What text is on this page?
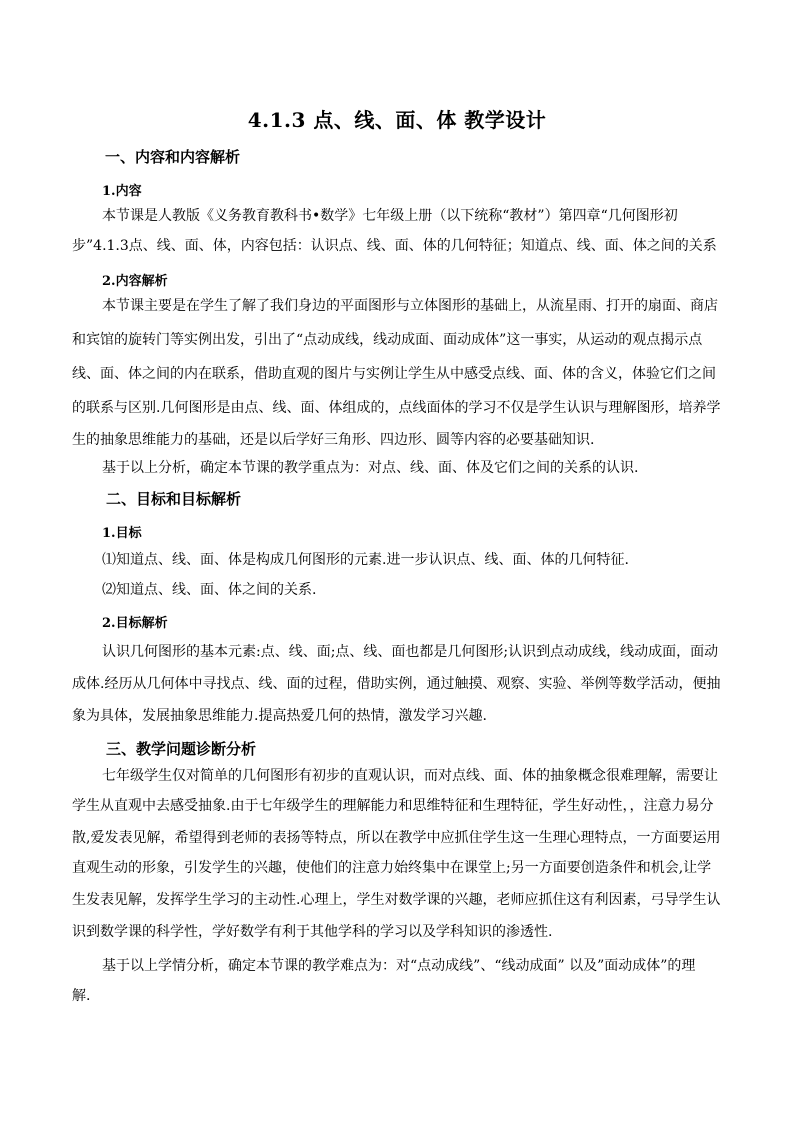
4.1.3 点、线、面、体 教学设计
一、内容和内容解析
1.内容
本节课是人教版《义务教育教科书•数学》七年级上册（以下统称“教材”）第四章“几何图形初
步”4.1.3点、线、面、体，内容包括：认识点、线、面、体的几何特征；知道点、线、面、体之间的关系
2.内容解析
本节课主要是在学生了解了我们身边的平面图形与立体图形的基础上，从流星雨、打开的扇面、商店
和宾馆的旋转门等实例出发，引出了“点动成线，线动成面、面动成体”这一事实，从运动的观点揭示点
线、面、体之间的内在联系，借助直观的图片与实例让学生从中感受点线、面、体的含义，体验它们之间
的联系与区别.几何图形是由点、线、面、体组成的，点线面体的学习不仅是学生认识与理解图形，培养学
生的抽象思维能力的基础，还是以后学好三角形、四边形、圆等内容的必要基础知识.
基于以上分析，确定本节课的教学重点为：对点、线、面、体及它们之间的关系的认识.
二、目标和目标解析
1.目标
⑴知道点、线、面、体是构成几何图形的元素.进一步认识点、线、面、体的几何特征.
⑵知道点、线、面、体之间的关系.
2.目标解析
认识几何图形的基本元素:点、线、面;点、线、面也都是几何图形;认识到点动成线，线动成面，面动
成体.经历从几何体中寻找点、线、面的过程，借助实例，通过触摸、观察、实验、举例等数学活动，便抽
象为具体，发展抽象思维能力.提高热爱几何的热情，激发学习兴趣.
三、教学问题诊断分析
七年级学生仅对简单的几何图形有初步的直观认识，而对点线、面、体的抽象概念很难理解，需要让
学生从直观中去感受抽象.由于七年级学生的理解能力和思维特征和生理特征，学生好动性，，注意力易分
散,爱发表见解，希望得到老师的表扬等特点，所以在教学中应抓住学生这一生理心理特点，一方面要运用
直观生动的形象，引发学生的兴趣，使他们的注意力始终集中在课堂上;另一方面要创造条件和机会,让学
生发表见解，发挥学生学习的主动性.心理上，学生对数学课的兴趣，老师应抓住这有利因素，弓导学生认
识到数学课的科学性，学好数学有利于其他学科的学习以及学科知识的渗透性.
基于以上学情分析，确定本节课的教学难点为：对“点动成线”、“线动成面” 以及”面动成体”的理
解.
